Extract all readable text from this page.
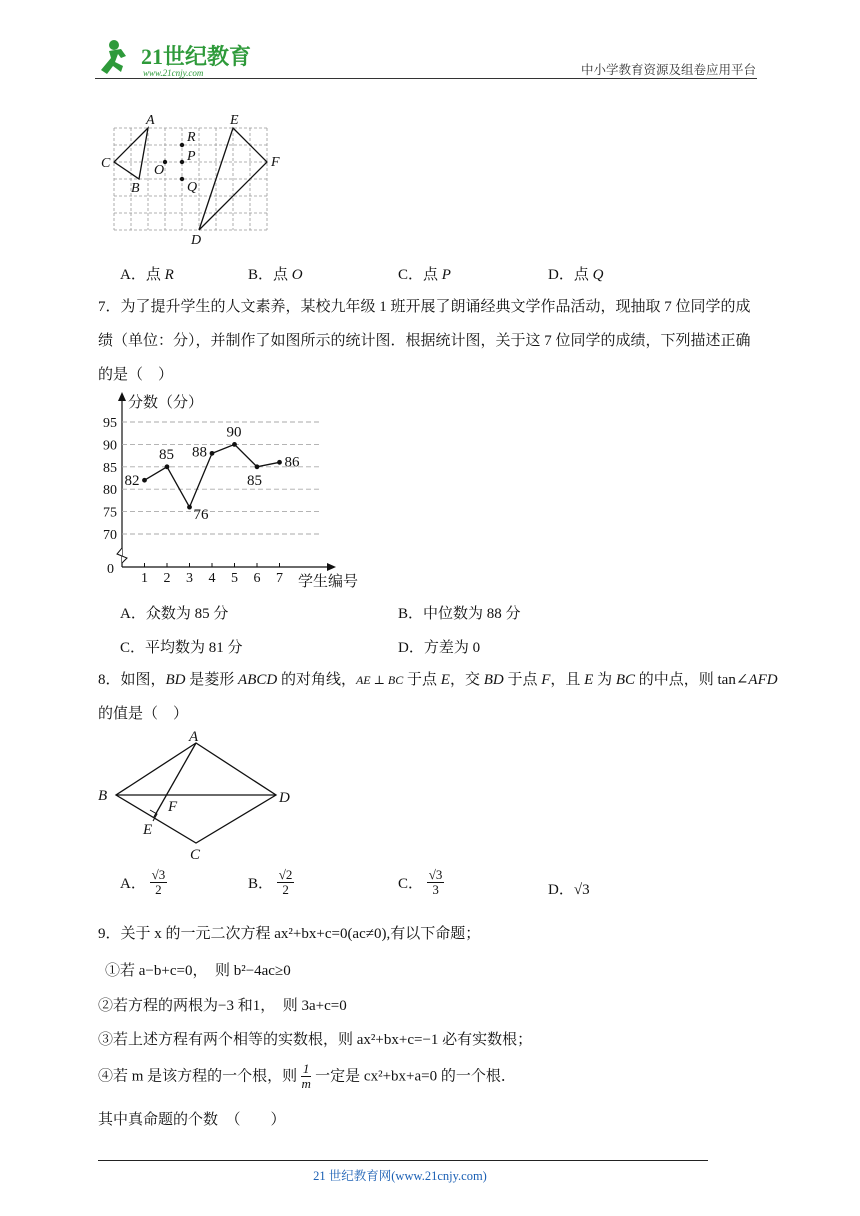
21世纪教育
www.21cnjy.com	中小学教育资源及组卷应用平台
A
B
C	O
R
P
Q
E
F
D
A．点 R	B．点 O	C．点 P	D．点 Q
7．为了提升学生的人文素养，某校九年级 1 班开展了朗诵经典文学作品活动，现抽取 7 位同学的成
绩（单位：分），并制作了如图所示的统计图．根据统计图，关于这 7 位同学的成绩，下列描述正确
的是（　）
分数（分）
学生编号
95
90
85
80
75
70
0
1 2 3 4 5 6 7
82
85
76
88
90
85
86
A．众数为 85 分	B．中位数为 88 分
C．平均数为 81 分	D．方差为 0
8．如图，BD 是菱形 ABCD 的对角线，AE ⊥ BC 于点 E，交 BD 于点 F，且 E 为 BC 的中点，则 tan∠AFD
的值是（　）
A
B	D
F
E
C
A． $\frac{√3}{2}$	B． $\frac{√2}{2}$	C． $\frac{√3}{3}$	D．√3
9．关于 x 的一元二次方程 ax²+bx+c=0(ac≠0),有以下命题；
①若 a−b+c=0，　则 b²−4ac≥0
②若方程的两根为−3 和1，　则 3a+c=0
③若上述方程有两个相等的实数根，则 ax²+bx+c=−1 必有实数根；
④若 m 是该方程的一个根，则 $\frac{1}{m}$ 一定是 cx²+bx+a=0 的一个根．
其中真命题的个数　（　　）
21 世纪教育网(www.21cnjy.com)
